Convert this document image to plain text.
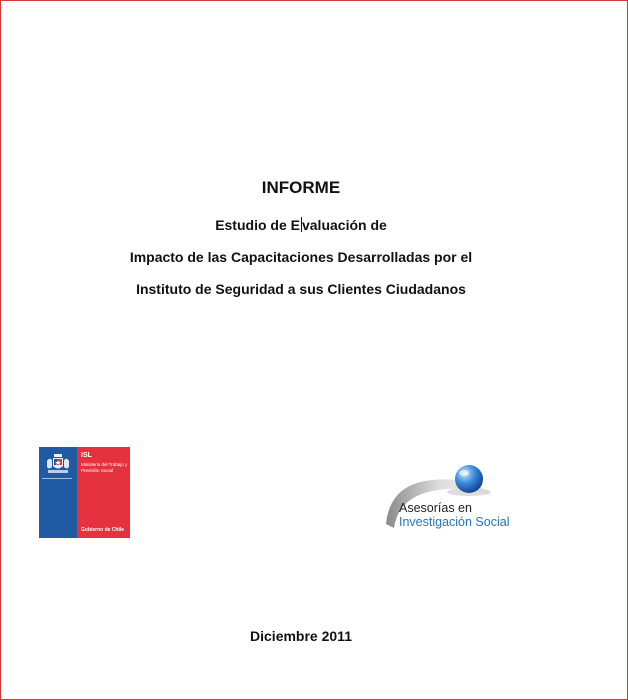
INFORME
Estudio de E valuación de
Impacto de las Capacitaciones Desarrolladas por el
Instituto de Seguridad a sus Clientes Ciudadanos
ISL
Ministerio del Trabajo y Previsión Social
Gobierno de Chile
Asesorías en
Investigación Social
Diciembre 2011
